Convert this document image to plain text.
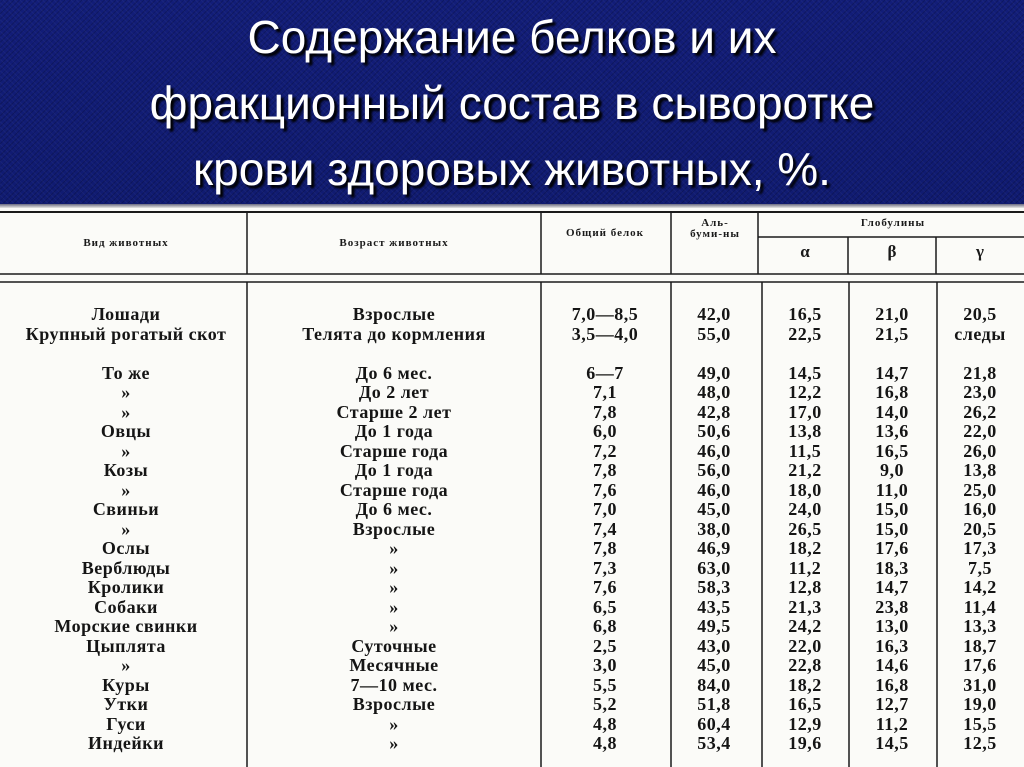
Содержание белков и их
фракционный состав в сыворотке
крови здоровых животных, %.
Вид животных	Возраст животных
Общий белок
Аль-буми-ны
Глобулины
α	β	γ
Лошади	Взрослые	7,0—8,5	42,0	16,5	21,0	20,5
Крупный рогатый скот	Телята до кормления	3,5—4,0	55,0	22,5	21,5	следы
То же	До 6 мес.	6—7	49,0	14,5	14,7	21,8
»	До 2 лет	7,1	48,0	12,2	16,8	23,0
»	Старше 2 лет	7,8	42,8	17,0	14,0	26,2
Овцы	До 1 года	6,0	50,6	13,8	13,6	22,0
»	Старше года	7,2	46,0	11,5	16,5	26,0
Козы	До 1 года	7,8	56,0	21,2	9,0	13,8
»	Старше года	7,6	46,0	18,0	11,0	25,0
Свиньи	До 6 мес.	7,0	45,0	24,0	15,0	16,0
»	Взрослые	7,4	38,0	26,5	15,0	20,5
Ослы	»	7,8	46,9	18,2	17,6	17,3
Верблюды	»	7,3	63,0	11,2	18,3	7,5
Кролики	»	7,6	58,3	12,8	14,7	14,2
Собаки	»	6,5	43,5	21,3	23,8	11,4
Морские свинки	»	6,8	49,5	24,2	13,0	13,3
Цыплята	Суточные	2,5	43,0	22,0	16,3	18,7
»	Месячные	3,0	45,0	22,8	14,6	17,6
Куры	7—10 мес.	5,5	84,0	18,2	16,8	31,0
Утки	Взрослые	5,2	51,8	16,5	12,7	19,0
Гуси	»	4,8	60,4	12,9	11,2	15,5
Индейки	»	4,8	53,4	19,6	14,5	12,5
